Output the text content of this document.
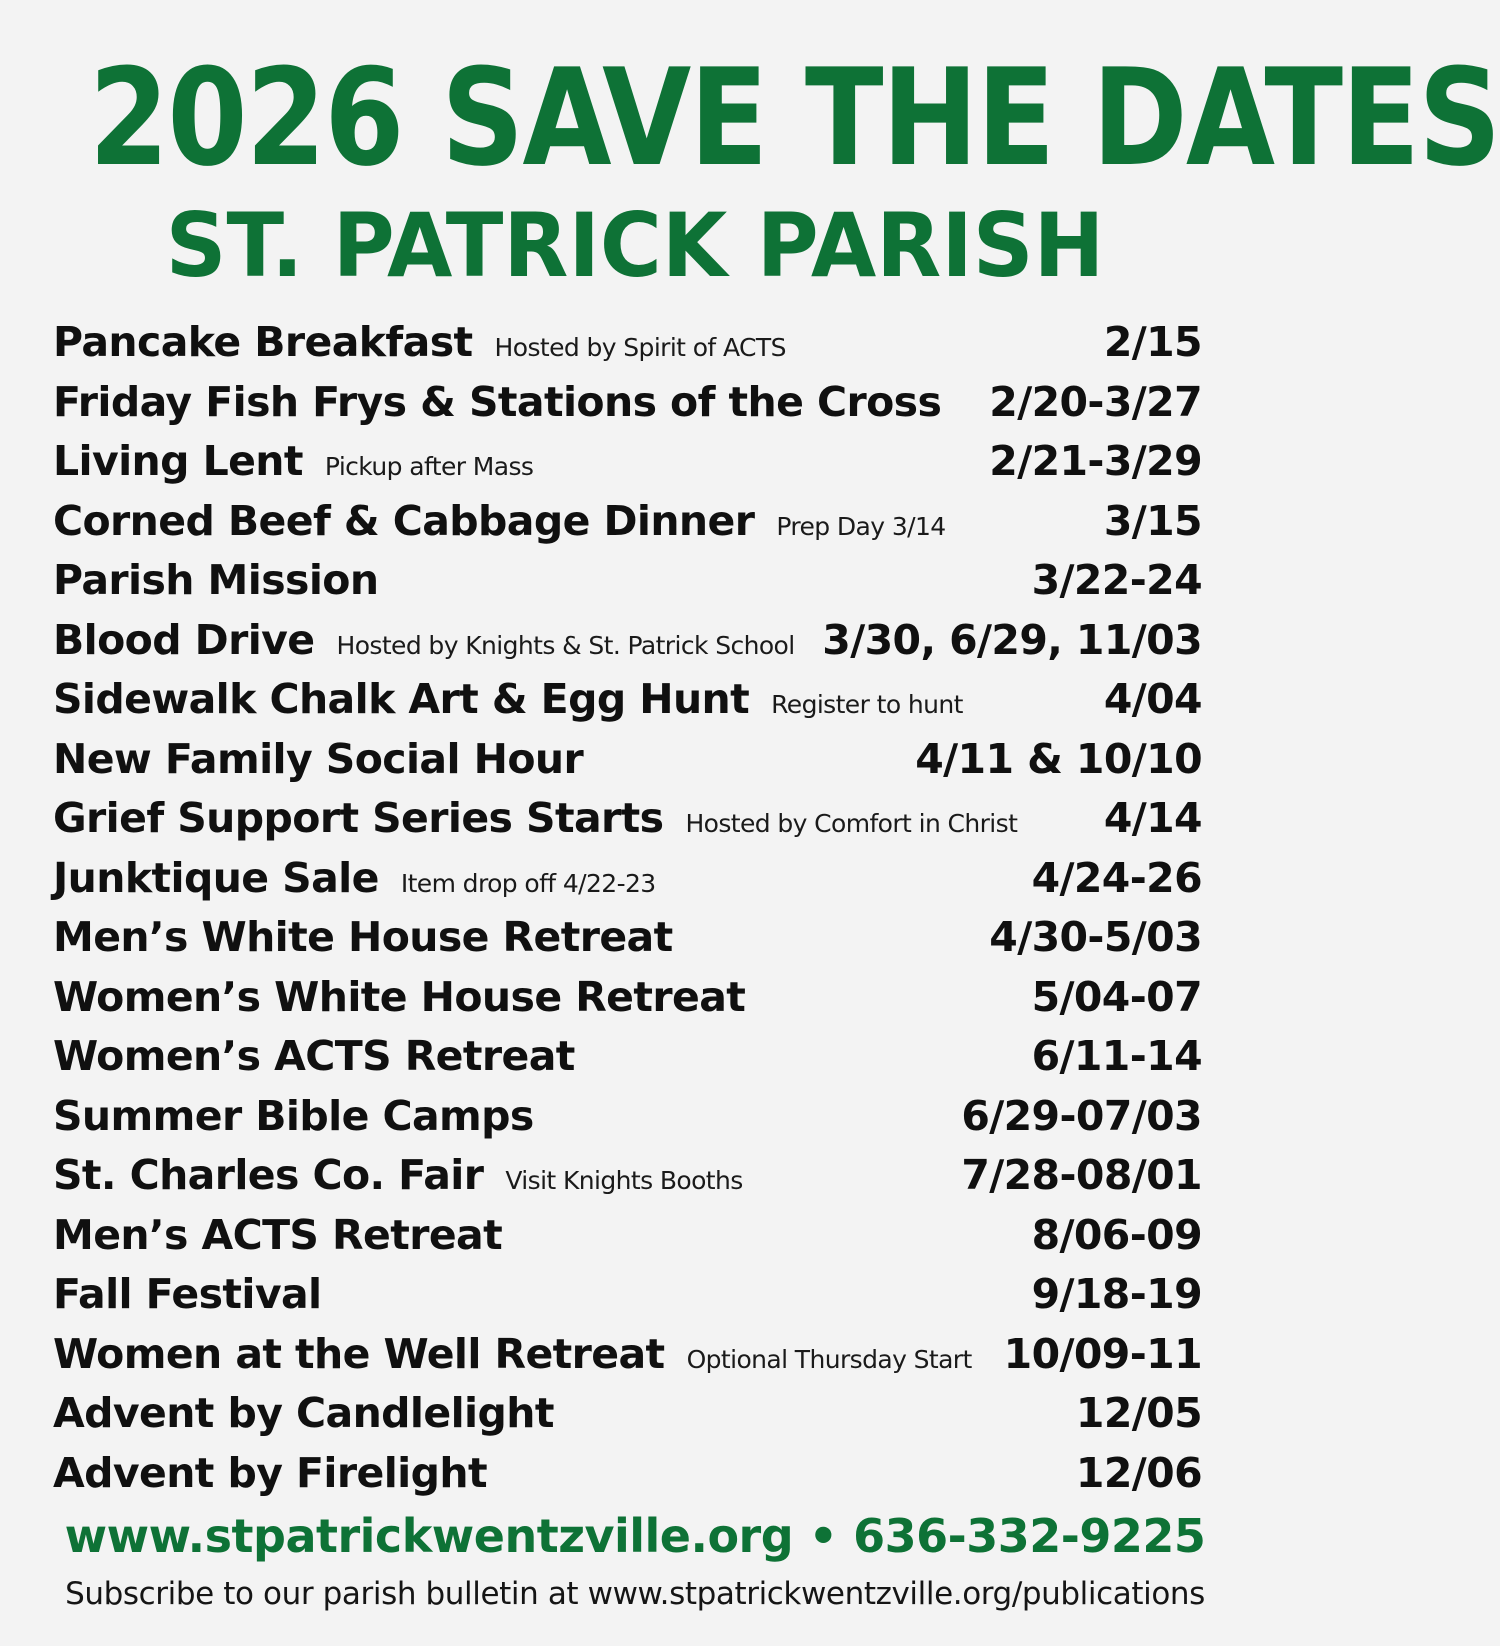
2026 SAVE THE DATES
ST. PATRICK PARISH
Pancake Breakfast Hosted by Spirit of ACTS	2/15
Friday Fish Frys & Stations of the Cross 2/20-3/27
Living Lent Pickup after Mass	2/21-3/29
Corned Beef & Cabbage Dinner Prep Day 3/14	3/15
Parish Mission	3/22-24
Blood Drive Hosted by Knights & St. Patrick School 3/30, 6/29, 11/03
Sidewalk Chalk Art & Egg Hunt Register to hunt	4/04
New Family Social Hour	4/11 & 10/10
Grief Support Series Starts Hosted by Comfort in Christ 4/14
Junktique Sale Item drop off 4/22-23	4/24-26
Men’s White House Retreat	4/30-5/03
Women’s White House Retreat	5/04-07
Women’s ACTS Retreat	6/11-14
Summer Bible Camps	6/29-07/03
St. Charles Co. Fair Visit Knights Booths	7/28-08/01
Men’s ACTS Retreat	8/06-09
Fall Festival	9/18-19
Women at the Well Retreat Optional Thursday Start 10/09-11
Advent by Candlelight	12/05
Advent by Firelight	12/06
www.stpatrickwentzville.org • 636-332-9225
Subscribe to our parish bulletin at www.stpatrickwentzville.org/publications
